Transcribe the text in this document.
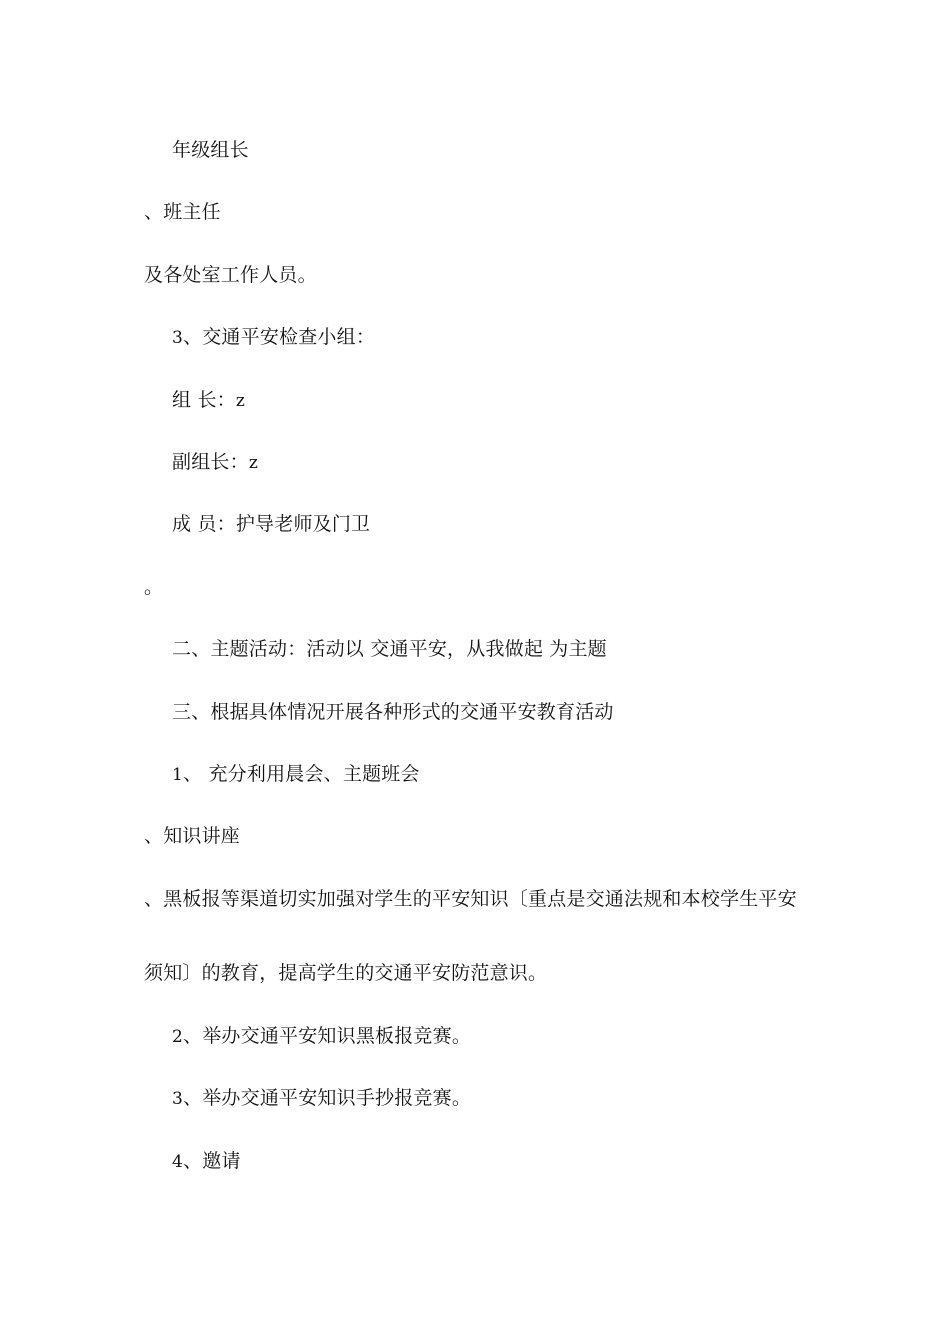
年级组长
、班主任
及各处室工作人员。
3、交通平安检查小组：
组 长：z
副组长：z
成 员：护导老师及门卫
。
二、主题活动：活动以 交通平安，从我做起 为主题
三、根据具体情况开展各种形式的交通平安教育活动
1、 充分利用晨会、主题班会
、知识讲座
、黑板报等渠道切实加强对学生的平安知识〔重点是交通法规和本校学生平安
须知〕的教育，提高学生的交通平安防范意识。
2、举办交通平安知识黑板报竞赛。
3、举办交通平安知识手抄报竞赛。
4、邀请
